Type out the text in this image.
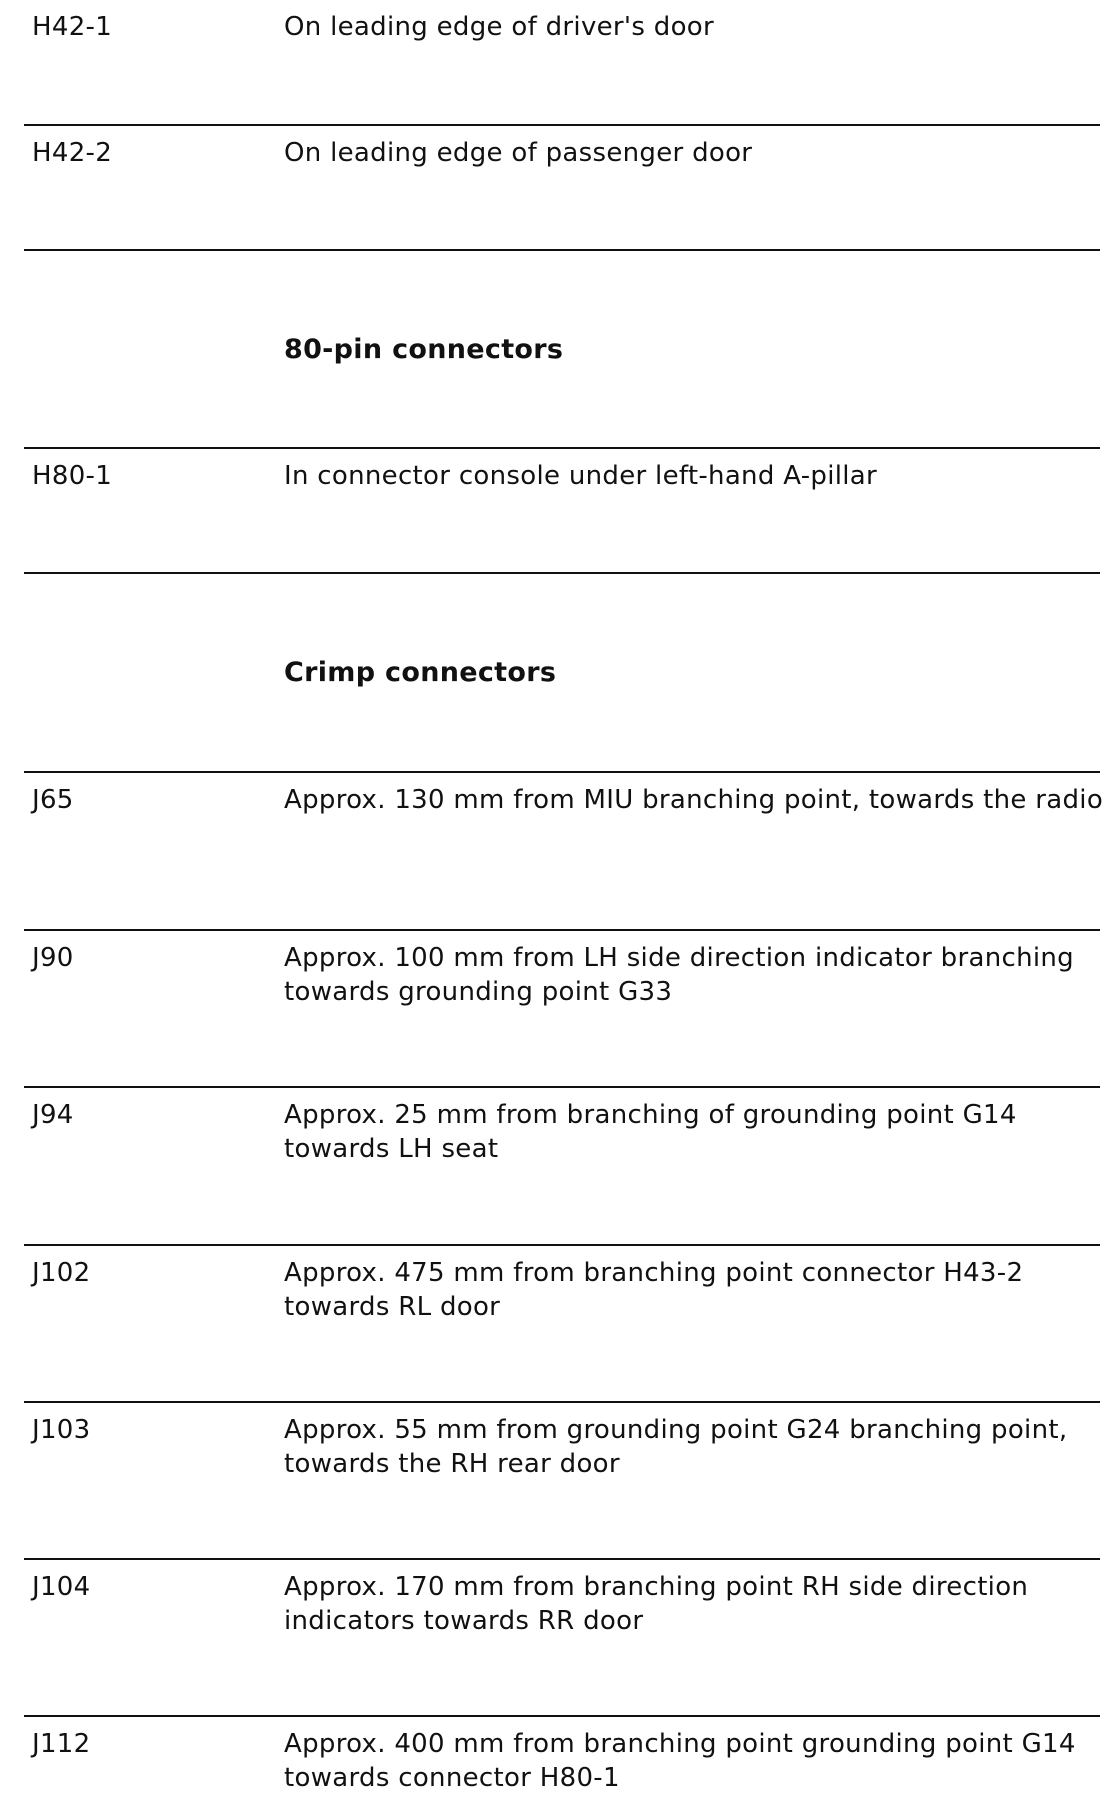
H42-1	On leading edge of driver's door
H42-2	On leading edge of passenger door
80-pin connectors
H80-1	In connector console under left-hand A-pillar
Crimp connectors
J65	Approx. 130 mm from MIU branching point, towards the radio
J90	Approx. 100 mm from LH side direction indicator branching towards grounding point G33
J94	Approx. 25 mm from branching of grounding point G14 towards LH seat
J102	Approx. 475 mm from branching point connector H43-2 towards RL door
J103	Approx. 55 mm from grounding point G24 branching point, towards the RH rear door
J104	Approx. 170 mm from branching point RH side direction indicators towards RR door
J112	Approx. 400 mm from branching point grounding point G14 towards connector H80-1
